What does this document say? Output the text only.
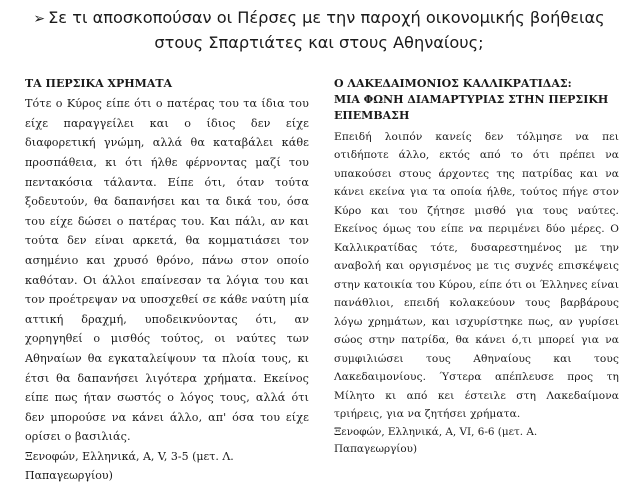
➢ Σε τι αποσκοπούσαν οι Πέρσες με την παροχή οικονομικής βοήθειας στους Σπαρτιάτες και στους Αθηναίους;
ΤΑ ΠΕΡΣΙΚΑ ΧΡΗΜΑΤΑ

Τότε ο Κύρος είπε ότι ο πατέρας του τα ίδια του είχε παραγγείλει και ο ίδιος δεν είχε διαφορετική γνώμη, αλλά θα καταβάλει κάθε προσπάθεια, κι ότι ήλθε φέρνοντας μαζί του πεντακόσια τάλαντα. Είπε ότι, όταν τούτα ξοδευτούν, θα δαπανήσει και τα δικά του, όσα του είχε δώσει ο πατέρας του. Και πάλι, αν και τούτα δεν είναι αρκετά, θα κομματιάσει τον ασημένιο και χρυσό θρόνο, πάνω στον οποίο καθόταν. Οι άλλοι επαίνεσαν τα λόγια του και τον προέτρεψαν να υποσχεθεί σε κάθε ναύτη μία αττική δραχμή, υποδεικνύοντας ότι, αν χορηγηθεί ο μισθός τούτος, οι ναύτες των Αθηναίων θα εγκαταλείψουν τα πλοία τους, κι έτσι θα δαπανήσει λιγότερα χρήματα. Εκείνος είπε πως ήταν σωστός ο λόγος τους, αλλά ότι δεν μπορούσε να κάνει άλλο, απ' όσα του είχε ορίσει ο βασιλιάς.

Ξενοφών, Ελληνικά, Α, V, 3-5 (μετ. Λ. Παπαγεωργίου)

Ο ΛΑΚΕΔΑΙΜΟΝΙΟΣ ΚΑΛΛΙΚΡΑΤΙΔΑΣ:
ΜΙΑ ΦΩΝΗ ΔΙΑΜΑΡΤΥΡΙΑΣ ΣΤΗΝ ΠΕΡΣΙΚΗ
ΕΠΕΜΒΑΣΗ

Επειδή λοιπόν κανείς δεν τόλμησε να πει οτιδήποτε άλλο, εκτός από το ότι πρέπει να υπακούσει στους άρχοντες της πατρίδας και να κάνει εκείνα για τα οποία ήλθε, τούτος πήγε στον Κύρο και του ζήτησε μισθό για τους ναύτες. Εκείνος όμως του είπε να περιμένει δύο μέρες. Ο Καλλικρατίδας τότε, δυσαρεστημένος με την αναβολή και οργισμένος με τις συχνές επισκέψεις στην κατοικία του Κύρου, είπε ότι οι Έλληνες είναι πανάθλιοι, επειδή κολακεύουν τους βαρβάρους λόγω χρημάτων, και ισχυρίστηκε πως, αν γυρίσει σώος στην πατρίδα, θα κάνει ό,τι μπορεί για να συμφιλιώσει τους Αθηναίους και τους Λακεδαιμονίους. Ύστερα απέπλευσε προς τη Μίλητο κι από κει έστειλε στη Λακεδαίμονα τριήρεις, για να ζητήσει χρήματα.

Ξενοφών, Ελληνικά, Α, VI, 6-6 (μετ. Α. Παπαγεωργίου)
